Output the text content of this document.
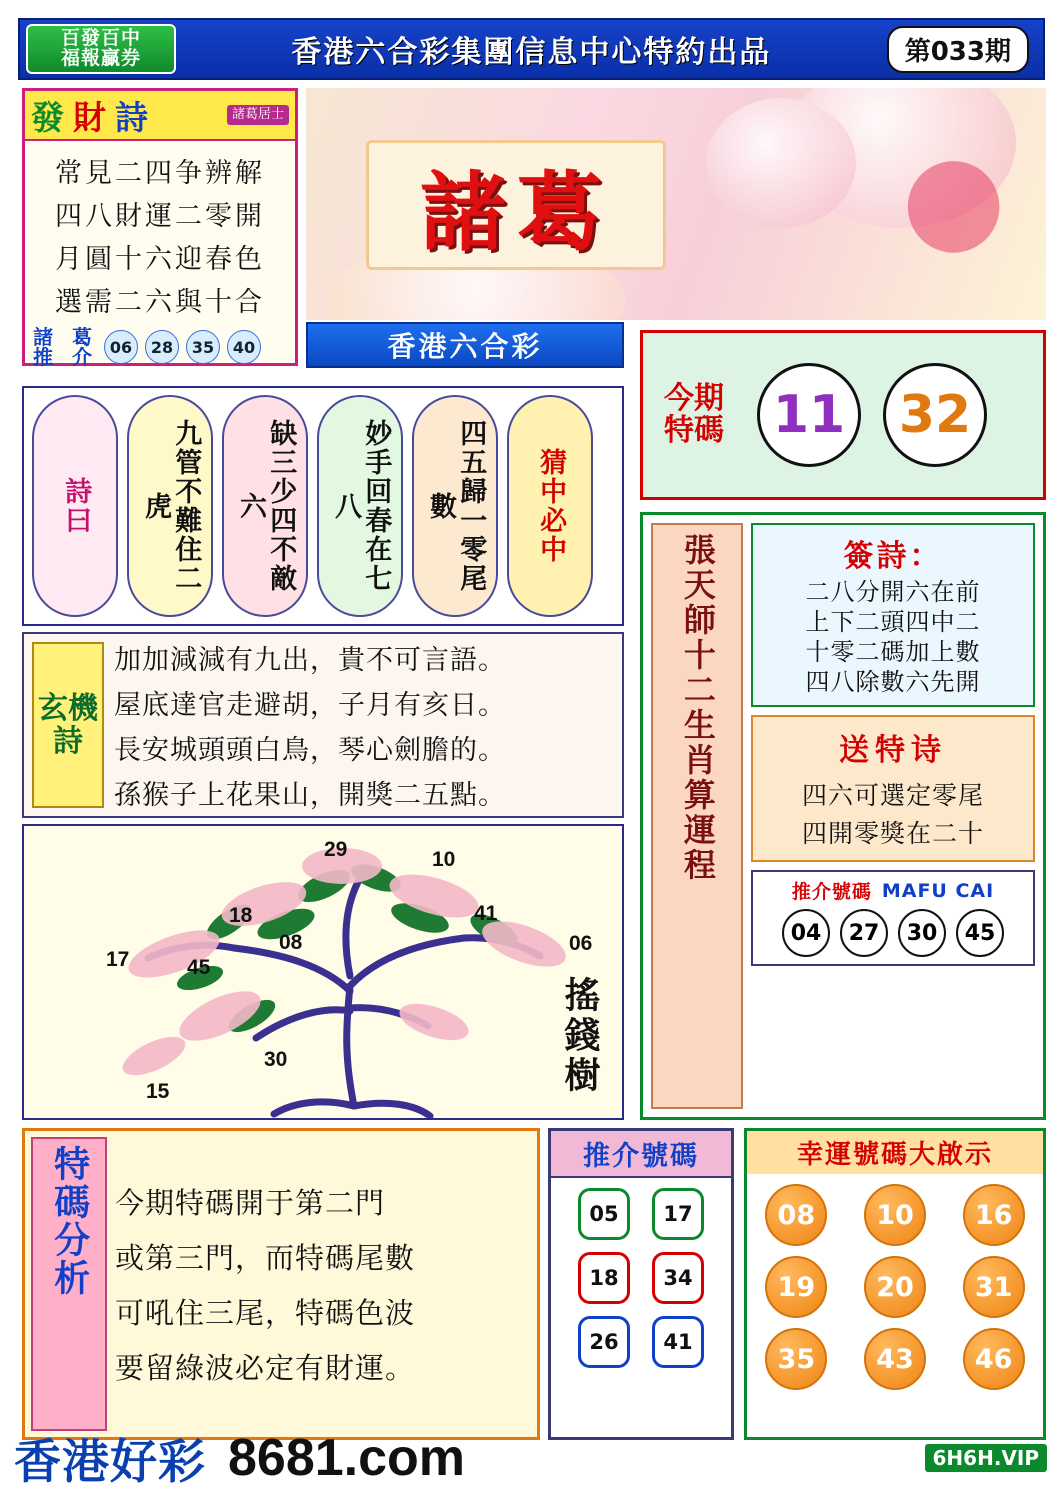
百發百中
福報贏券	香港六合彩集團信息中心特約出品	第033期
發 財 詩	諸葛居士
常見二四争辨解
四八財運二零開
月圓十六迎春色
選需二六與十合
諸 葛
推 介 06	28	35	40
●
諸葛
香港六合彩
今期特碼 11	32
詩曰	九管不難住二虎	缺三少四不敵六	妙手回春在七八	四五歸一零尾數	猜中必中
玄機詩
加加減減有九出，貴不可言語。
屋底達官走避胡，子月有亥日。
長安城頭頭白鳥，琴心劍膽的。
孫猴子上花果山，開獎二五點。
29	10
18	41
08	06
17	45
30
15	搖錢樹
張天師十二生肖算運程	簽詩：
二八分開六在前
上下二頭四中二
十零二碼加上數
四八除數六先開
送特诗
四六可選定零尾
四開零獎在二十
推介號碼 MAFU CAI
04	27	30	45
特碼分析 今期特碼開于第二門
或第三門，而特碼尾數
可吼住三尾，特碼色波
要留綠波必定有財運。
推介號碼
05	17
18	34
26	41
幸運號碼大啟示
08	10	16
19	20	31
35	43	46
香港好彩 8681.com	6H6H.VIP
